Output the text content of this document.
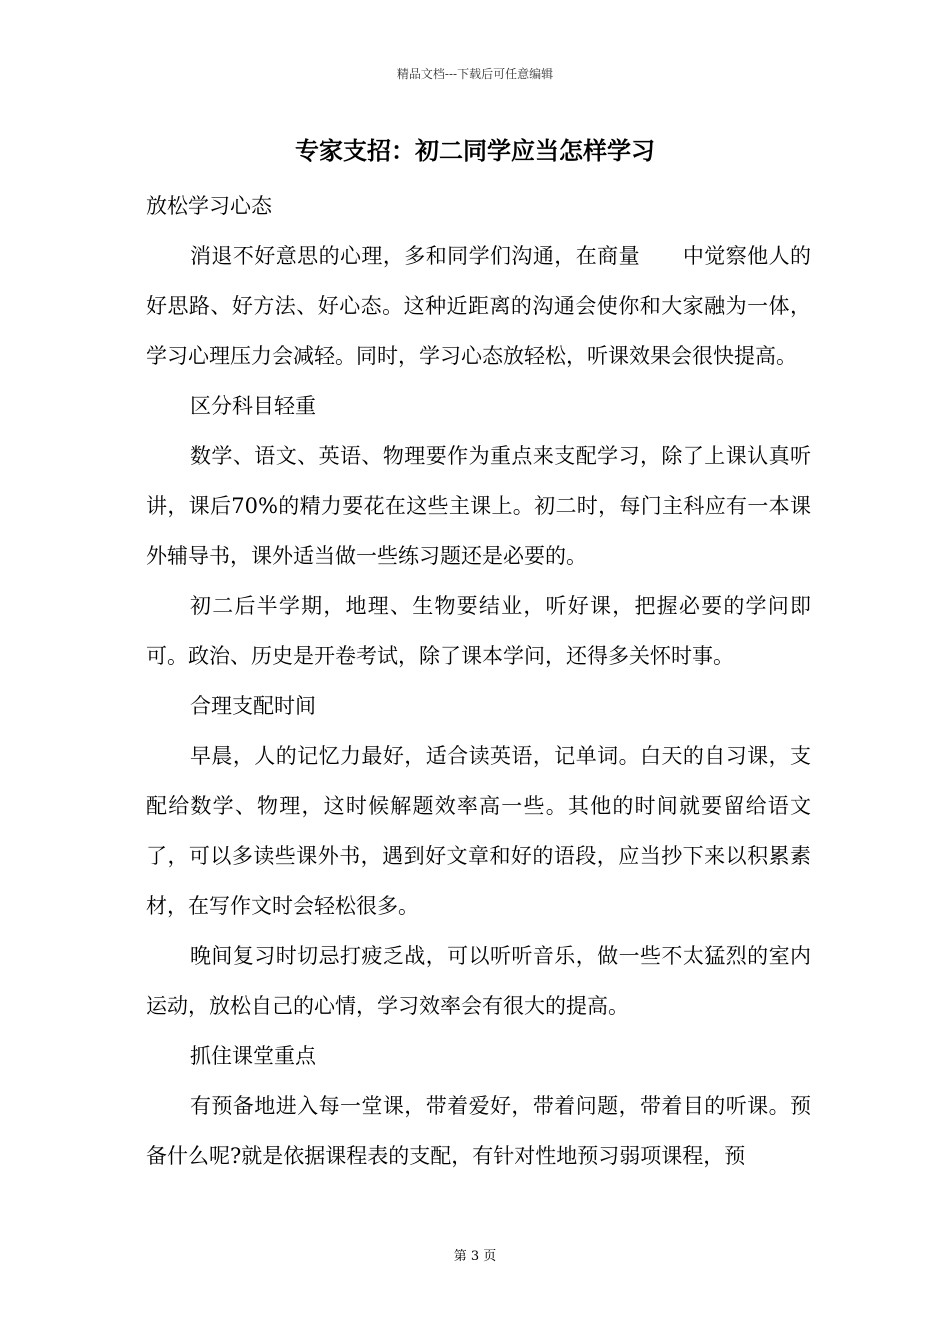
精品文档---下载后可任意编辑
专家支招：初二同学应当怎样学习

放松学习心态

消退不好意思的心理，多和同学们沟通，在商量　　中觉察他人的好思路、好方法、好心态。这种近距离的沟通会使你和大家融为一体，学习心理压力会减轻。同时，学习心态放轻松，听课效果会很快提高。

区分科目轻重

数学、语文、英语、物理要作为重点来支配学习，除了上课认真听讲，课后70%的精力要花在这些主课上。初二时，每门主科应有一本课外辅导书，课外适当做一些练习题还是必要的。

初二后半学期，地理、生物要结业，听好课，把握必要的学问即可。政治、历史是开卷考试，除了课本学问，还得多关怀时事。

合理支配时间

早晨，人的记忆力最好，适合读英语，记单词。白天的自习课，支配给数学、物理，这时候解题效率高一些。其他的时间就要留给语文了，可以多读些课外书，遇到好文章和好的语段，应当抄下来以积累素材，在写作文时会轻松很多。

晚间复习时切忌打疲乏战，可以听听音乐，做一些不太猛烈的室内运动，放松自己的心情，学习效率会有很大的提高。

抓住课堂重点

有预备地进入每一堂课，带着爱好，带着问题，带着目的听课。预备什么呢?就是依据课程表的支配，有针对性地预习弱项课程，预

第 3 页
